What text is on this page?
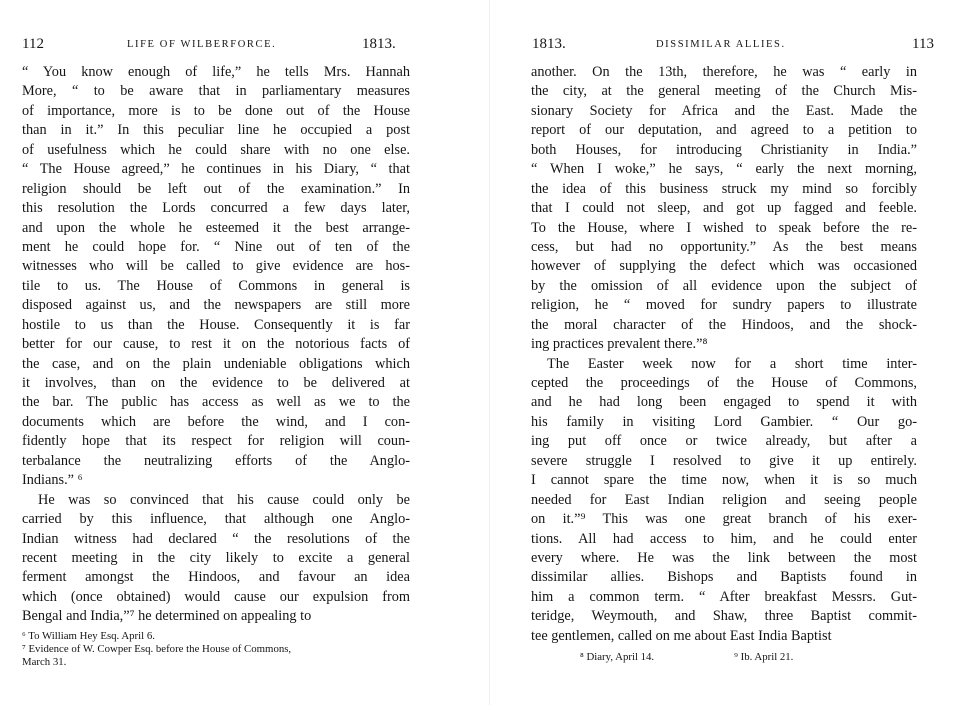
112	LIFE OF WILBERFORCE.	1813.
“ You know enough of life,” he tells Mrs. Hannah
More, “ to be aware that in parliamentary measures
of importance, more is to be done out of the House
than in it.” In this peculiar line he occupied a post
of usefulness which he could share with no one else.
“ The House agreed,” he continues in his Diary, “ that
religion should be left out of the examination.” In
this resolution the Lords concurred a few days later,
and upon the whole he esteemed it the best arrange-
ment he could hope for. “ Nine out of ten of the
witnesses who will be called to give evidence are hos-
tile to us. The House of Commons in general is
disposed against us, and the newspapers are still more
hostile to us than the House. Consequently it is far
better for our cause, to rest it on the notorious facts of
the case, and on the plain undeniable obligations which
it involves, than on the evidence to be delivered at
the bar. The public has access as well as we to the
documents which are before the wind, and I con-
fidently hope that its respect for religion will coun-
terbalance the neutralizing efforts of the Anglo-
Indians.” ⁶
He was so convinced that his cause could only be
carried by this influence, that although one Anglo-
Indian witness had declared “ the resolutions of the
recent meeting in the city likely to excite a general
ferment amongst the Hindoos, and favour an idea
which (once obtained) would cause our expulsion from
Bengal and India,”⁷ he determined on appealing to
⁶ To William Hey Esq. April 6.
⁷ Evidence of W. Cowper Esq. before the House of Commons,
March 31.
1813.	DISSIMILAR ALLIES.	113
another. On the 13th, therefore, he was “ early in
the city, at the general meeting of the Church Mis-
sionary Society for Africa and the East. Made the
report of our deputation, and agreed to a petition to
both Houses, for introducing Christianity in India.”
“ When I woke,” he says, “ early the next morning,
the idea of this business struck my mind so forcibly
that I could not sleep, and got up fagged and feeble.
To the House, where I wished to speak before the re-
cess, but had no opportunity.” As the best means
however of supplying the defect which was occasioned
by the omission of all evidence upon the subject of
religion, he “ moved for sundry papers to illustrate
the moral character of the Hindoos, and the shock-
ing practices prevalent there.”⁸
The Easter week now for a short time inter-
cepted the proceedings of the House of Commons,
and he had long been engaged to spend it with
his family in visiting Lord Gambier. “ Our go-
ing put off once or twice already, but after a
severe struggle I resolved to give it up entirely.
I cannot spare the time now, when it is so much
needed for East Indian religion and seeing people
on it.”⁹ This was one great branch of his exer-
tions. All had access to him, and he could enter
every where. He was the link between the most
dissimilar allies. Bishops and Baptists found in
him a common term. “ After breakfast Messrs. Gut-
teridge, Weymouth, and Shaw, three Baptist commit-
tee gentlemen, called on me about East India Baptist
⁸ Diary, April 14.	⁹ Ib. April 21.
